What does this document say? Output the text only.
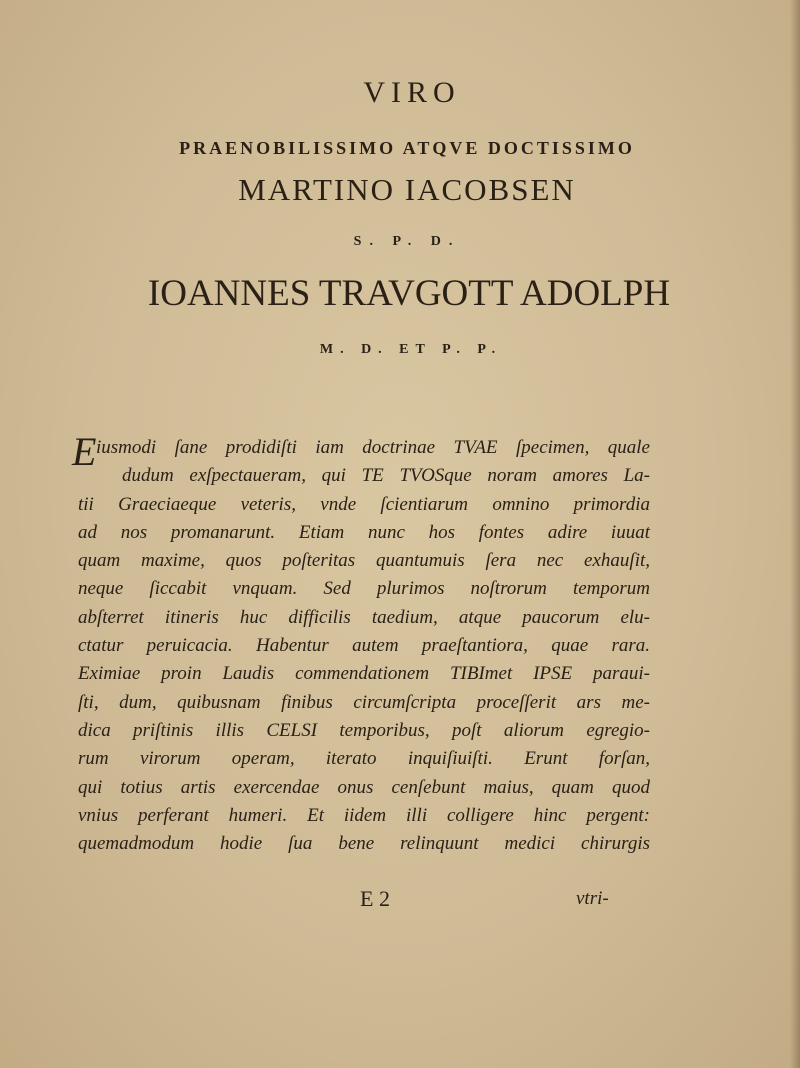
VIRO
PRAENOBILISSIMO ATQVE DOCTISSIMO
MARTINO IACOBSEN
S. P. D.
IOANNES TRAVGOTT ADOLPH
M. D. ET P. P.
E iusmodi ſane prodidiſti iam doctrinae TVAE ſpecimen, quale
dudum exſpectaueram, qui TE TVOSque noram amores La-
tii Graeciaeque veteris, vnde ſcientiarum omnino primordia
ad nos promanarunt. Etiam nunc hos fontes adire iuuat
quam maxime, quos poſteritas quantumuis ſera nec exhauſit,
neque ſiccabit vnquam. Sed plurimos noſtrorum temporum
abſterret itineris huc difficilis taedium, atque paucorum elu-
ctatur peruicacia. Habentur autem praeſtantiora, quae rara.
Eximiae proin Laudis commendationem TIBImet IPSE paraui-
ſti, dum, quibusnam finibus circumſcripta proceſſerit ars me-
dica priſtinis illis CELSI temporibus, poſt aliorum egregio-
rum virorum operam, iterato inquiſiuiſti. Erunt forſan,
qui totius artis exercendae onus cenſebunt maius, quam quod
vnius perferant humeri. Et iidem illi colligere hinc pergent:
quemadmodum hodie ſua bene relinquunt medici chirurgis
E 2	vtri-
